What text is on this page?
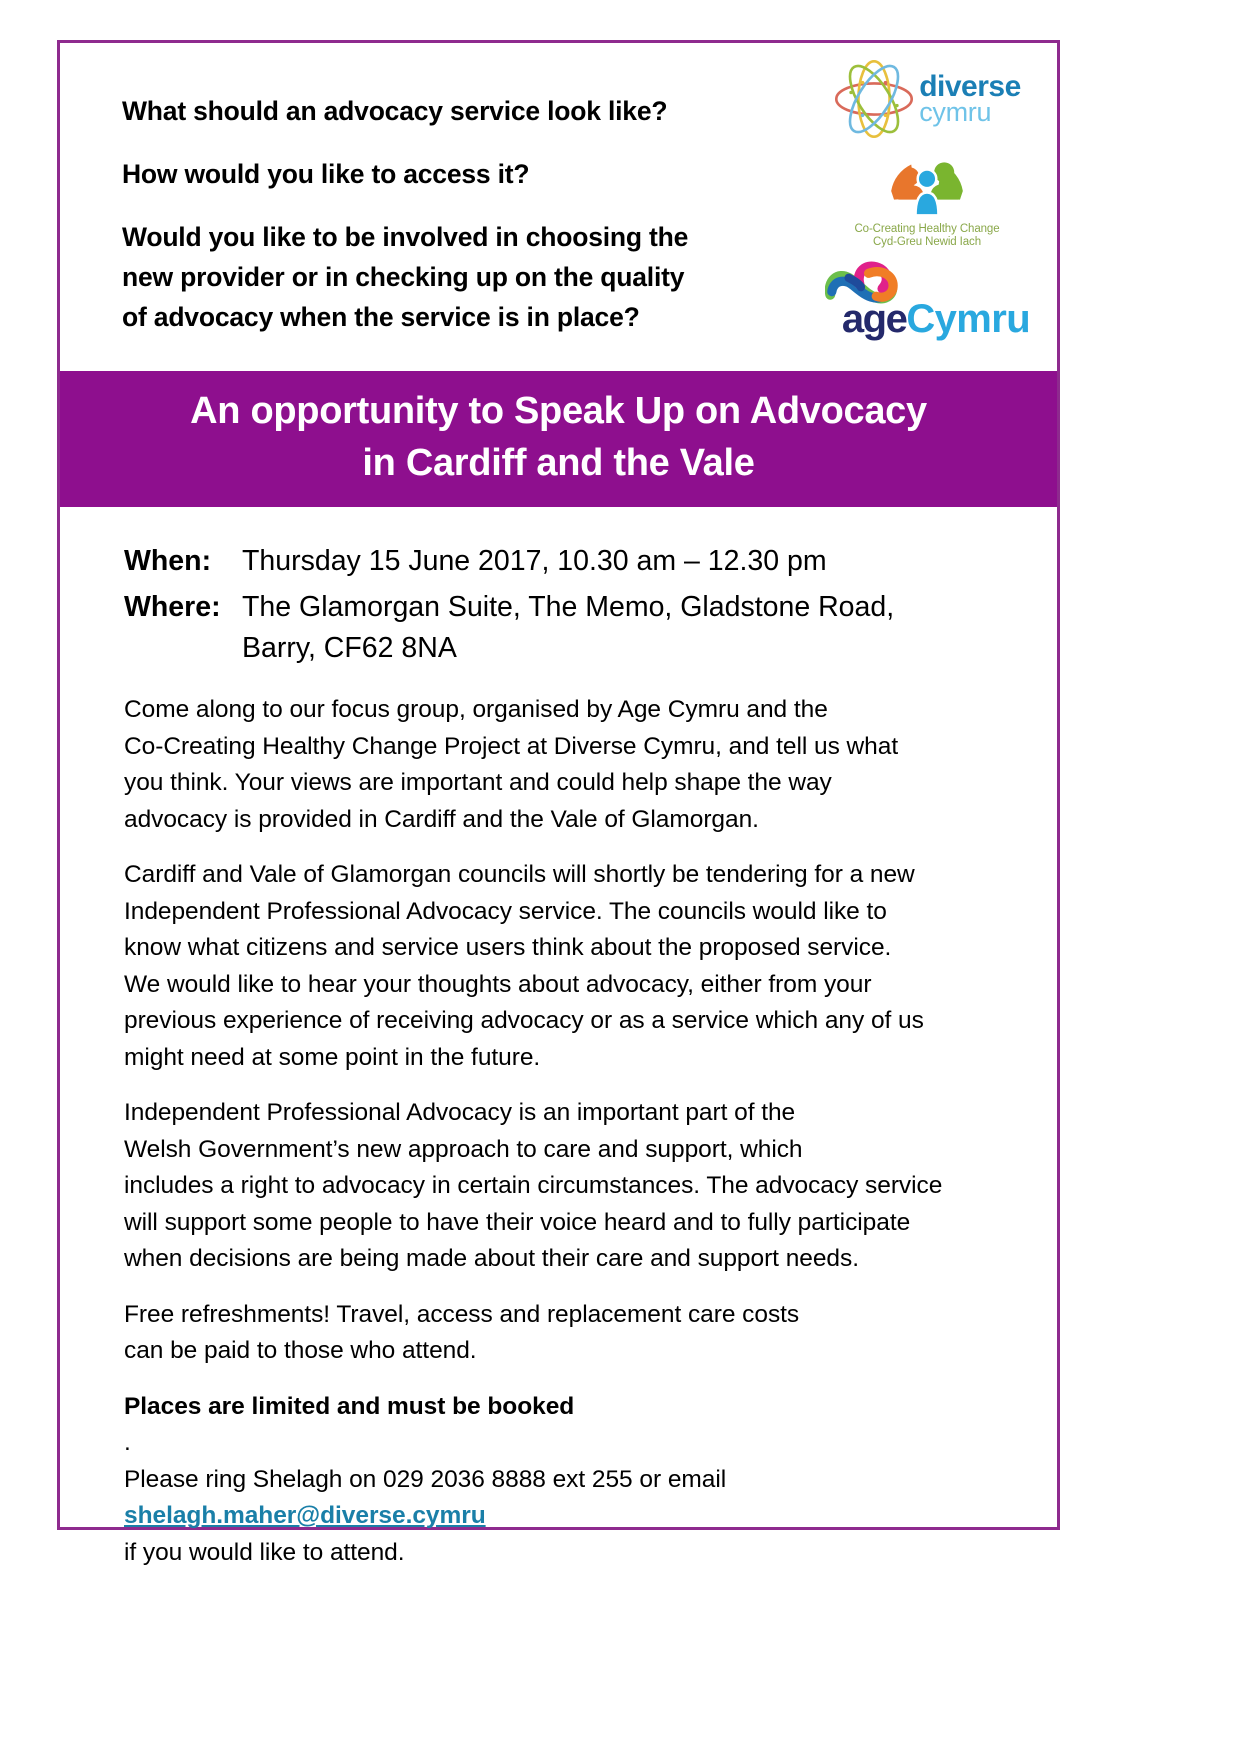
What should an advocacy service look like?

How would you like to access it?

Would you like to be involved in choosing the
new provider or in checking up on the quality
of advocacy when the service is in place?

diverse
cymru
Co-Creating Healthy Change
Cyd-Greu Newid Iach
ageCymru
An opportunity to Speak Up on Advocacy
in Cardiff and the Vale
When:	Thursday 15 June 2017, 10.30 am – 12.30 pm
Where: The Glamorgan Suite, The Memo, Gladstone Road,
Barry, CF62 8NA

Come along to our focus group, organised by Age Cymru and the
Co-Creating Healthy Change Project at Diverse Cymru, and tell us what
you think. Your views are important and could help shape the way
advocacy is provided in Cardiff and the Vale of Glamorgan.

Cardiff and Vale of Glamorgan councils will shortly be tendering for a new
Independent Professional Advocacy service. The councils would like to
know what citizens and service users think about the proposed service.
We would like to hear your thoughts about advocacy, either from your
previous experience of receiving advocacy or as a service which any of us
might need at some point in the future.

Independent Professional Advocacy is an important part of the
Welsh Government’s new approach to care and support, which
includes a right to advocacy in certain circumstances. The advocacy service
will support some people to have their voice heard and to fully participate
when decisions are being made about their care and support needs.

Free refreshments! Travel, access and replacement care costs
can be paid to those who attend.

Places are limited and must be booked
.
Please ring Shelagh on 029 2036 8888 ext 255 or email
shelagh.maher@diverse.cymru
if you would like to attend.
